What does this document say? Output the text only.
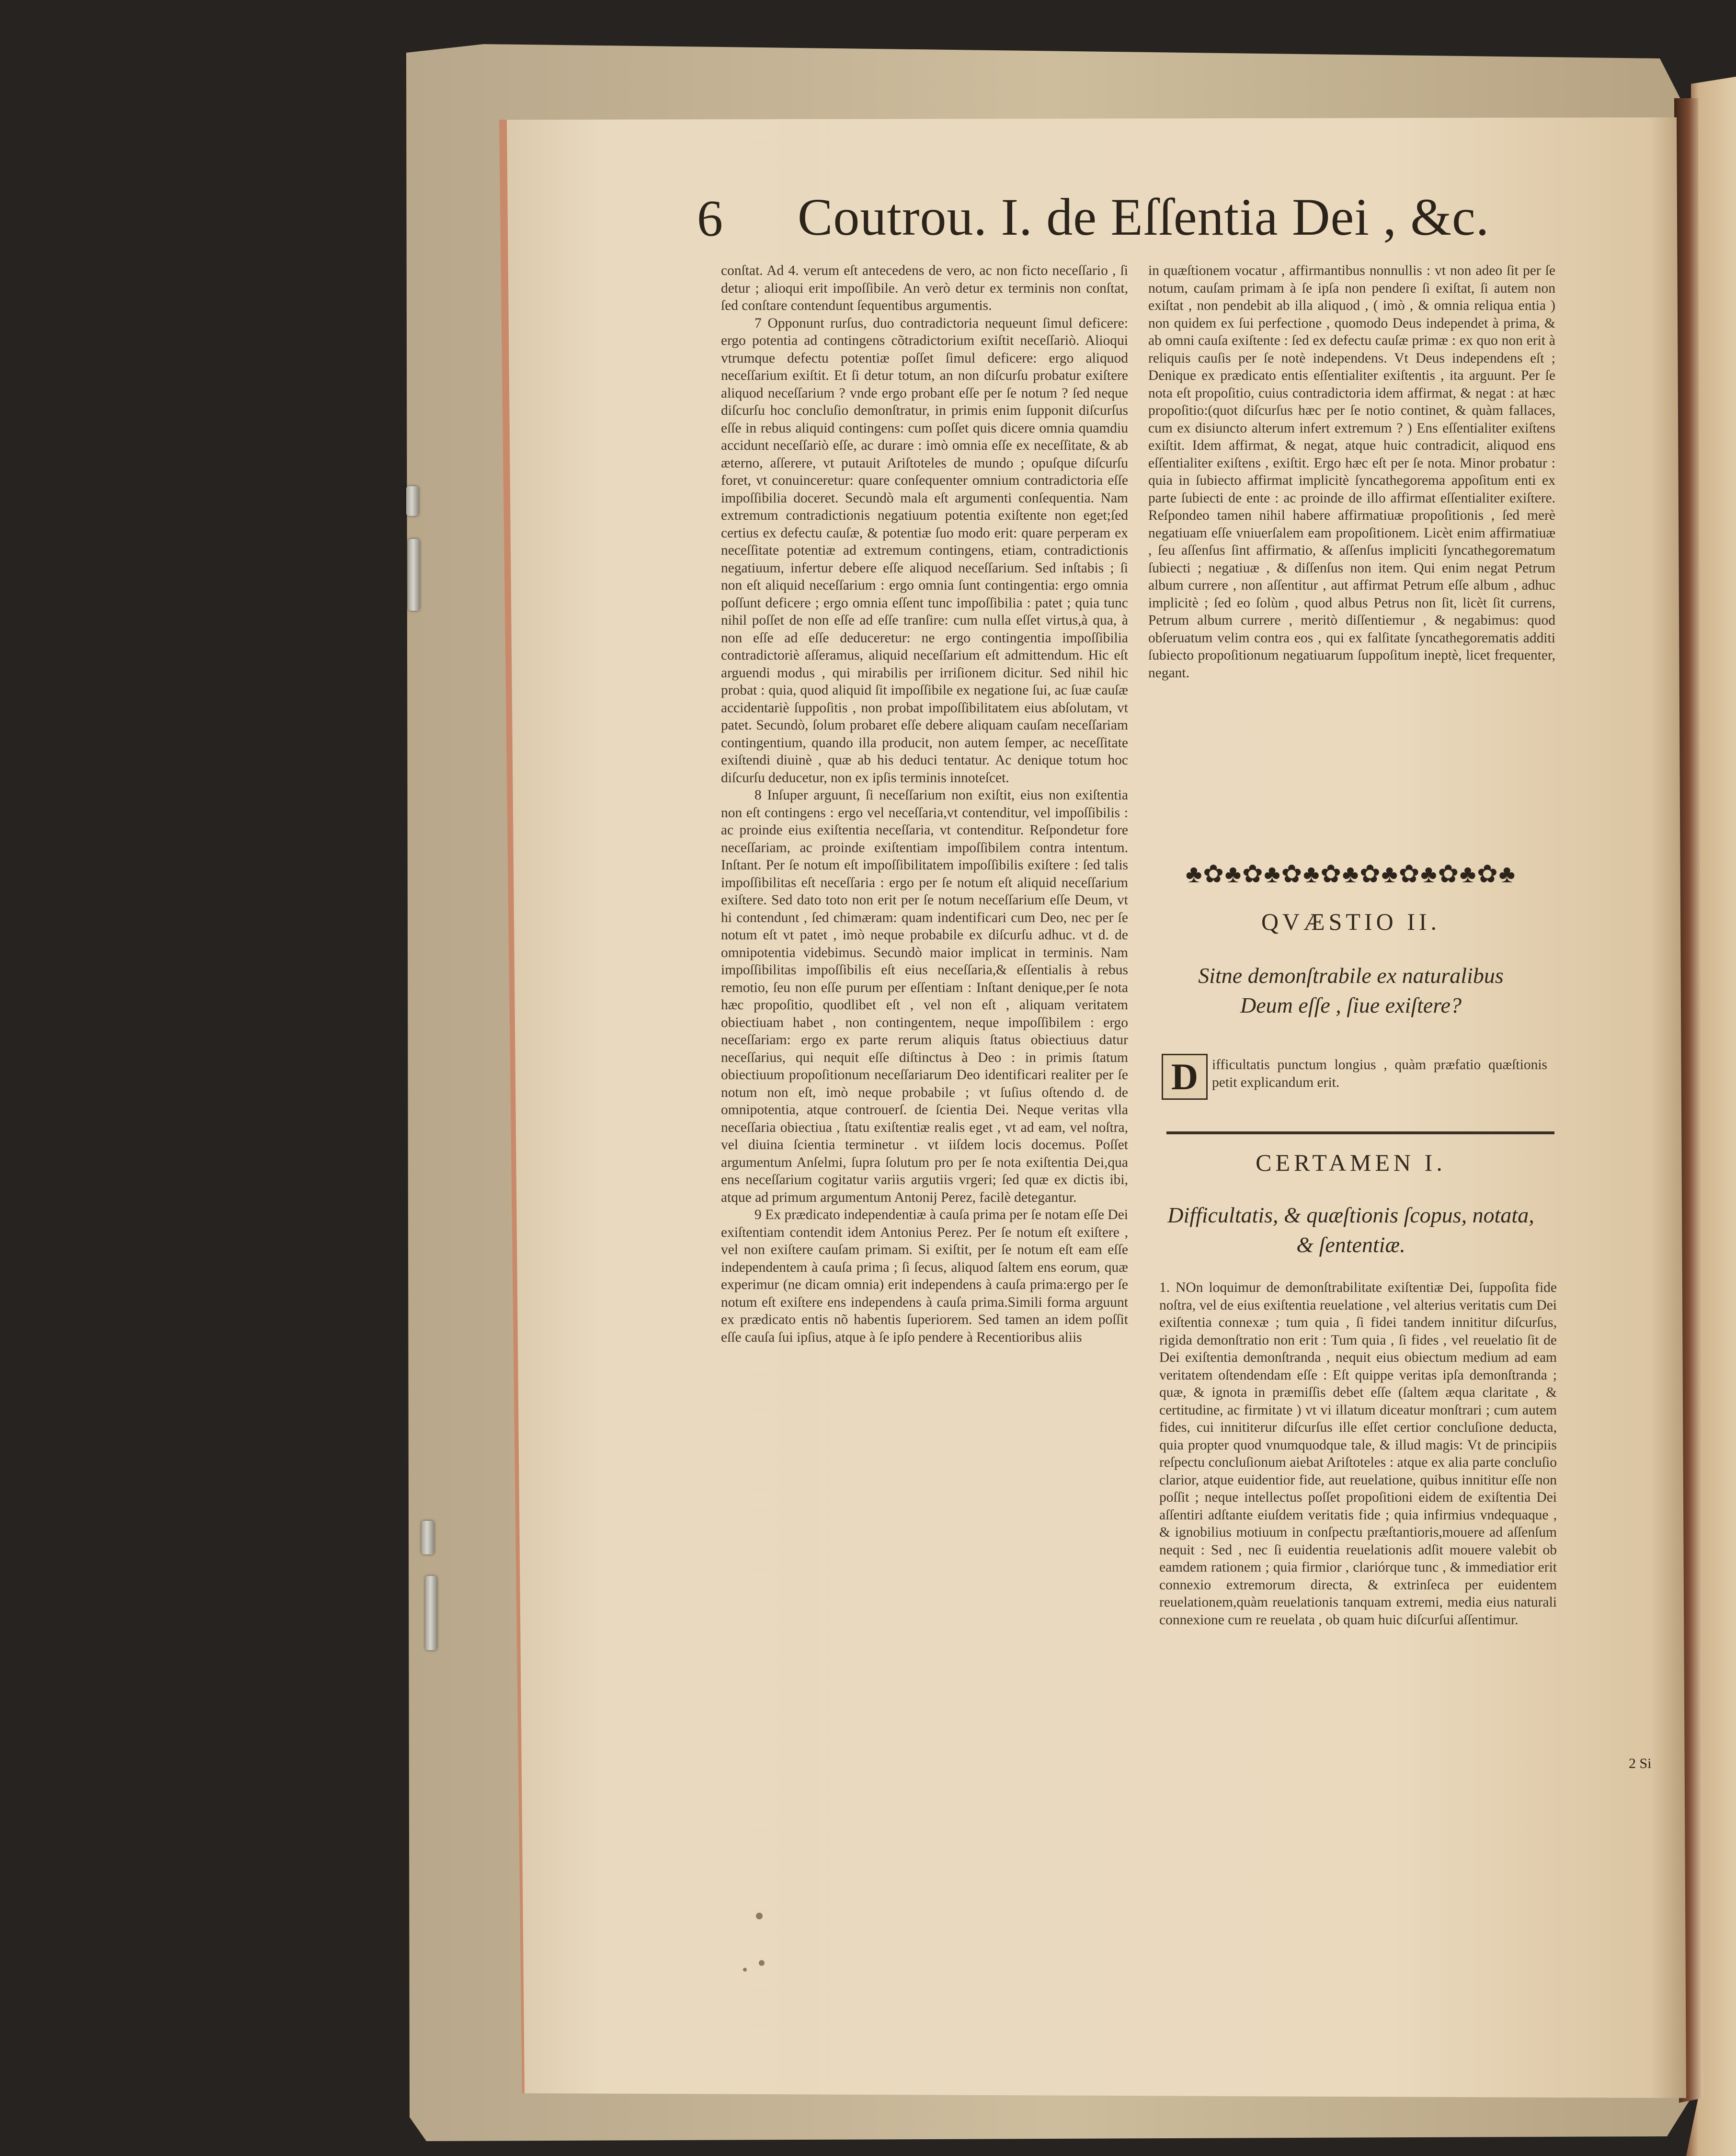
6 Coutrou. I. de Eſſentia Dei , &c.

conſtat. Ad 4. verum eſt antecedens de vero, ac non ficto neceſſario , ſi detur ; alioqui erit impoſſibile. An verò detur ex terminis non conſtat, ſed conſtare contendunt ſequentibus argumentis.

7 Opponunt rurſus, duo contradictoria nequeunt ſimul deficere: ergo potentia ad contingens cõtradictorium exiſtit neceſſariò. Alioqui vtrumque defectu potentiæ poſſet ſimul deficere: ergo aliquod neceſſarium exiſtit. Et ſi detur totum, an non diſcurſu probatur exiſtere aliquod neceſſarium ? vnde ergo probant eſſe per ſe notum ? ſed neque diſcurſu hoc concluſio demonſtratur, in primis enim ſupponit diſcurſus eſſe in rebus aliquid contingens: cum poſſet quis dicere omnia quamdiu accidunt neceſſariò eſſe, ac durare : imò omnia eſſe ex neceſſitate, & ab æterno, aſſerere, vt putauit Ariſtoteles de mundo ; opuſque diſcurſu foret, vt conuinceretur: quare conſequenter omnium contradictoria eſſe impoſſibilia doceret. Secundò mala eſt argumenti conſequentia. Nam extremum contradictionis negatiuum potentia exiſtente non eget;ſed certius ex defectu cauſæ, & potentiæ ſuo modo erit: quare perperam ex neceſſitate potentiæ ad extremum contingens, etiam, contradictionis negatiuum, infertur debere eſſe aliquod neceſſarium. Sed inſtabis ; ſi non eſt aliquid neceſſarium : ergo omnia ſunt contingentia: ergo omnia poſſunt deficere ; ergo omnia eſſent tunc impoſſibilia : patet ; quia tunc nihil poſſet de non eſſe ad eſſe tranſire: cum nulla eſſet virtus,à qua, à non eſſe ad eſſe deduceretur: ne ergo contingentia impoſſibilia contradictoriè aſſeramus, aliquid neceſſarium eſt admittendum. Hic eſt arguendi modus , qui mirabilis per irriſionem dicitur. Sed nihil hic probat : quia, quod aliquid ſit impoſſibile ex negatione ſui, ac ſuæ cauſæ accidentariè ſuppoſitis , non probat impoſſibilitatem eius abſolutam, vt patet. Secundò, ſolum probaret eſſe debere aliquam cauſam neceſſariam contingentium, quando illa producit, non autem ſemper, ac neceſſitate exiſtendi diuinè , quæ ab his deduci tentatur. Ac denique totum hoc diſcurſu deducetur, non ex ipſis terminis innoteſcet.

8 Inſuper arguunt, ſi neceſſarium non exiſtit, eius non exiſtentia non eſt contingens : ergo vel neceſſaria,vt contenditur, vel impoſſibilis : ac proinde eius exiſtentia neceſſaria, vt contenditur. Reſpondetur fore neceſſariam, ac proinde exiſtentiam impoſſibilem contra intentum. Inſtant. Per ſe notum eſt impoſſibilitatem impoſſibilis exiſtere : ſed talis impoſſibilitas eſt neceſſaria : ergo per ſe notum eſt aliquid neceſſarium exiſtere. Sed dato toto non erit per ſe notum neceſſarium eſſe Deum, vt hi contendunt , ſed chimæram: quam indentificari cum Deo, nec per ſe notum eſt vt patet , imò neque probabile ex diſcurſu adhuc. vt d. de omnipotentia videbimus. Secundò maior implicat in terminis. Nam impoſſibilitas impoſſibilis eſt eius neceſſaria,& eſſentialis à rebus remotio, ſeu non eſſe purum per eſſentiam : Inſtant denique,per ſe nota hæc propoſitio, quodlibet eſt , vel non eſt , aliquam veritatem obiectiuam habet , non contingentem, neque impoſſibilem : ergo neceſſariam: ergo ex parte rerum aliquis ſtatus obiectiuus datur neceſſarius, qui nequit eſſe diſtinctus à Deo : in primis ſtatum obiectiuum propoſitionum neceſſariarum Deo identificari realiter per ſe notum non eſt, imò neque probabile ; vt ſuſius oſtendo d. de omnipotentia, atque controuerſ. de ſcientia Dei. Neque veritas vlla neceſſaria obiectiua , ſtatu exiſtentiæ realis eget , vt ad eam, vel noſtra, vel diuina ſcientia terminetur . vt iiſdem locis docemus. Poſſet argumentum Anſelmi, ſupra ſolutum pro per ſe nota exiſtentia Dei,qua ens neceſſarium cogitatur variis argutiis vrgeri; ſed quæ ex dictis ibi, atque ad primum argumentum Antonij Perez, facilè detegantur.

9 Ex prædicato independentiæ à cauſa prima per ſe notam eſſe Dei exiſtentiam contendit idem Antonius Perez. Per ſe notum eſt exiſtere , vel non exiſtere cauſam primam. Si exiſtit, per ſe notum eſt eam eſſe independentem à cauſa prima ; ſi ſecus, aliquod ſaltem ens eorum, quæ experimur (ne dicam omnia) erit independens à cauſa prima:ergo per ſe notum eſt exiſtere ens independens à cauſa prima.Simili forma arguunt ex prædicato entis nõ habentis ſuperiorem. Sed tamen an idem poſſit eſſe cauſa ſui ipſius, atque à ſe ipſo pendere à Recentioribus aliis

in quæſtionem vocatur , affirmantibus nonnullis : vt non adeo ſit per ſe notum, cauſam primam à ſe ipſa non pendere ſi exiſtat, ſi autem non exiſtat , non pendebit ab illa aliquod , ( imò , & omnia reliqua entia ) non quidem ex ſui perfectione , quomodo Deus independet à prima, & ab omni cauſa exiſtente : ſed ex defectu cauſæ primæ : ex quo non erit à reliquis cauſis per ſe notè independens. Vt Deus independens eſt ; Denique ex prædicato entis eſſentialiter exiſtentis , ita arguunt. Per ſe nota eſt propoſitio, cuius contradictoria idem affirmat, & negat : at hæc propoſitio:(quot diſcurſus hæc per ſe notio continet, & quàm fallaces, cum ex disiuncto alterum infert extremum ? ) Ens eſſentialiter exiſtens exiſtit. Idem affirmat, & negat, atque huic contradicit, aliquod ens eſſentialiter exiſtens , exiſtit. Ergo hæc eſt per ſe nota. Minor probatur : quia in ſubiecto affirmat implicitè ſyncathegorema appoſitum enti ex parte ſubiecti de ente : ac proinde de illo affirmat eſſentialiter exiſtere. Reſpondeo tamen nihil habere affirmatiuæ propoſitionis , ſed merè negatiuam eſſe vniuerſalem eam propoſitionem. Licèt enim affirmatiuæ , ſeu aſſenſus ſint affirmatio, & aſſenſus impliciti ſyncathegorematum ſubiecti ; negatiuæ , & diſſenſus non item. Qui enim negat Petrum album currere , non aſſentitur , aut affirmat Petrum eſſe album , adhuc implicitè ; ſed eo ſolùm , quod albus Petrus non ſit, licèt ſit currens, Petrum album currere , meritò diſſentiemur , & negabimus: quod obſeruatum velim contra eos , qui ex falſitate ſyncathegorematis additi ſubiecto propoſitionum negatiuarum ſuppoſitum ineptè, licet frequenter, negant.

♣✿♣✿♣✿♣✿♣✿♣✿♣✿♣✿♣
QVÆSTIO II.
Sitne demonſtrabile ex naturalibus
Deum eſſe , ſiue exiſtere?
D ifficultatis punctum longius , quàm præfatio quæſtionis petit explicandum erit.

CERTAMEN I.
Difficultatis, & quæſtionis ſcopus, notata,
& ſententiæ.

1. NOn loquimur de demonſtrabilitate exiſtentiæ Dei, ſuppoſita fide noſtra, vel de eius exiſtentia reuelatione , vel alterius veritatis cum Dei exiſtentia connexæ ; tum quia , ſi fidei tandem innititur diſcurſus, rigida demonſtratio non erit : Tum quia , ſi fides , vel reuelatio ſit de Dei exiſtentia demonſtranda , nequit eius obiectum medium ad eam veritatem oſtendendam eſſe : Eſt quippe veritas ipſa demonſtranda ; quæ, & ignota in præmiſſis debet eſſe (ſaltem æqua claritate , & certitudine, ac firmitate ) vt vi illatum diceatur monſtrari ; cum autem fides, cui innititerur diſcurſus ille eſſet certior concluſione deducta, quia propter quod vnumquodque tale, & illud magis: Vt de principiis reſpectu concluſionum aiebat Ariſtoteles : atque ex alia parte concluſio clarior, atque euidentior fide, aut reuelatione, quibus innititur eſſe non poſſit ; neque intellectus poſſet propoſitioni eidem de exiſtentia Dei aſſentiri adſtante eiuſdem veritatis fide ; quia infirmius vndequaque , & ignobilius motiuum in conſpectu præſtantioris,mouere ad aſſenſum nequit : Sed , nec ſi euidentia reuelationis adſit mouere valebit ob eamdem rationem ; quia firmior , clariórque tunc , & immediatior erit connexio extremorum directa, & extrinſeca per euidentem reuelationem,quàm reuelationis tanquam extremi, media eius naturali connexione cum re reuelata , ob quam huic diſcurſui aſſentimur.

2 Si
